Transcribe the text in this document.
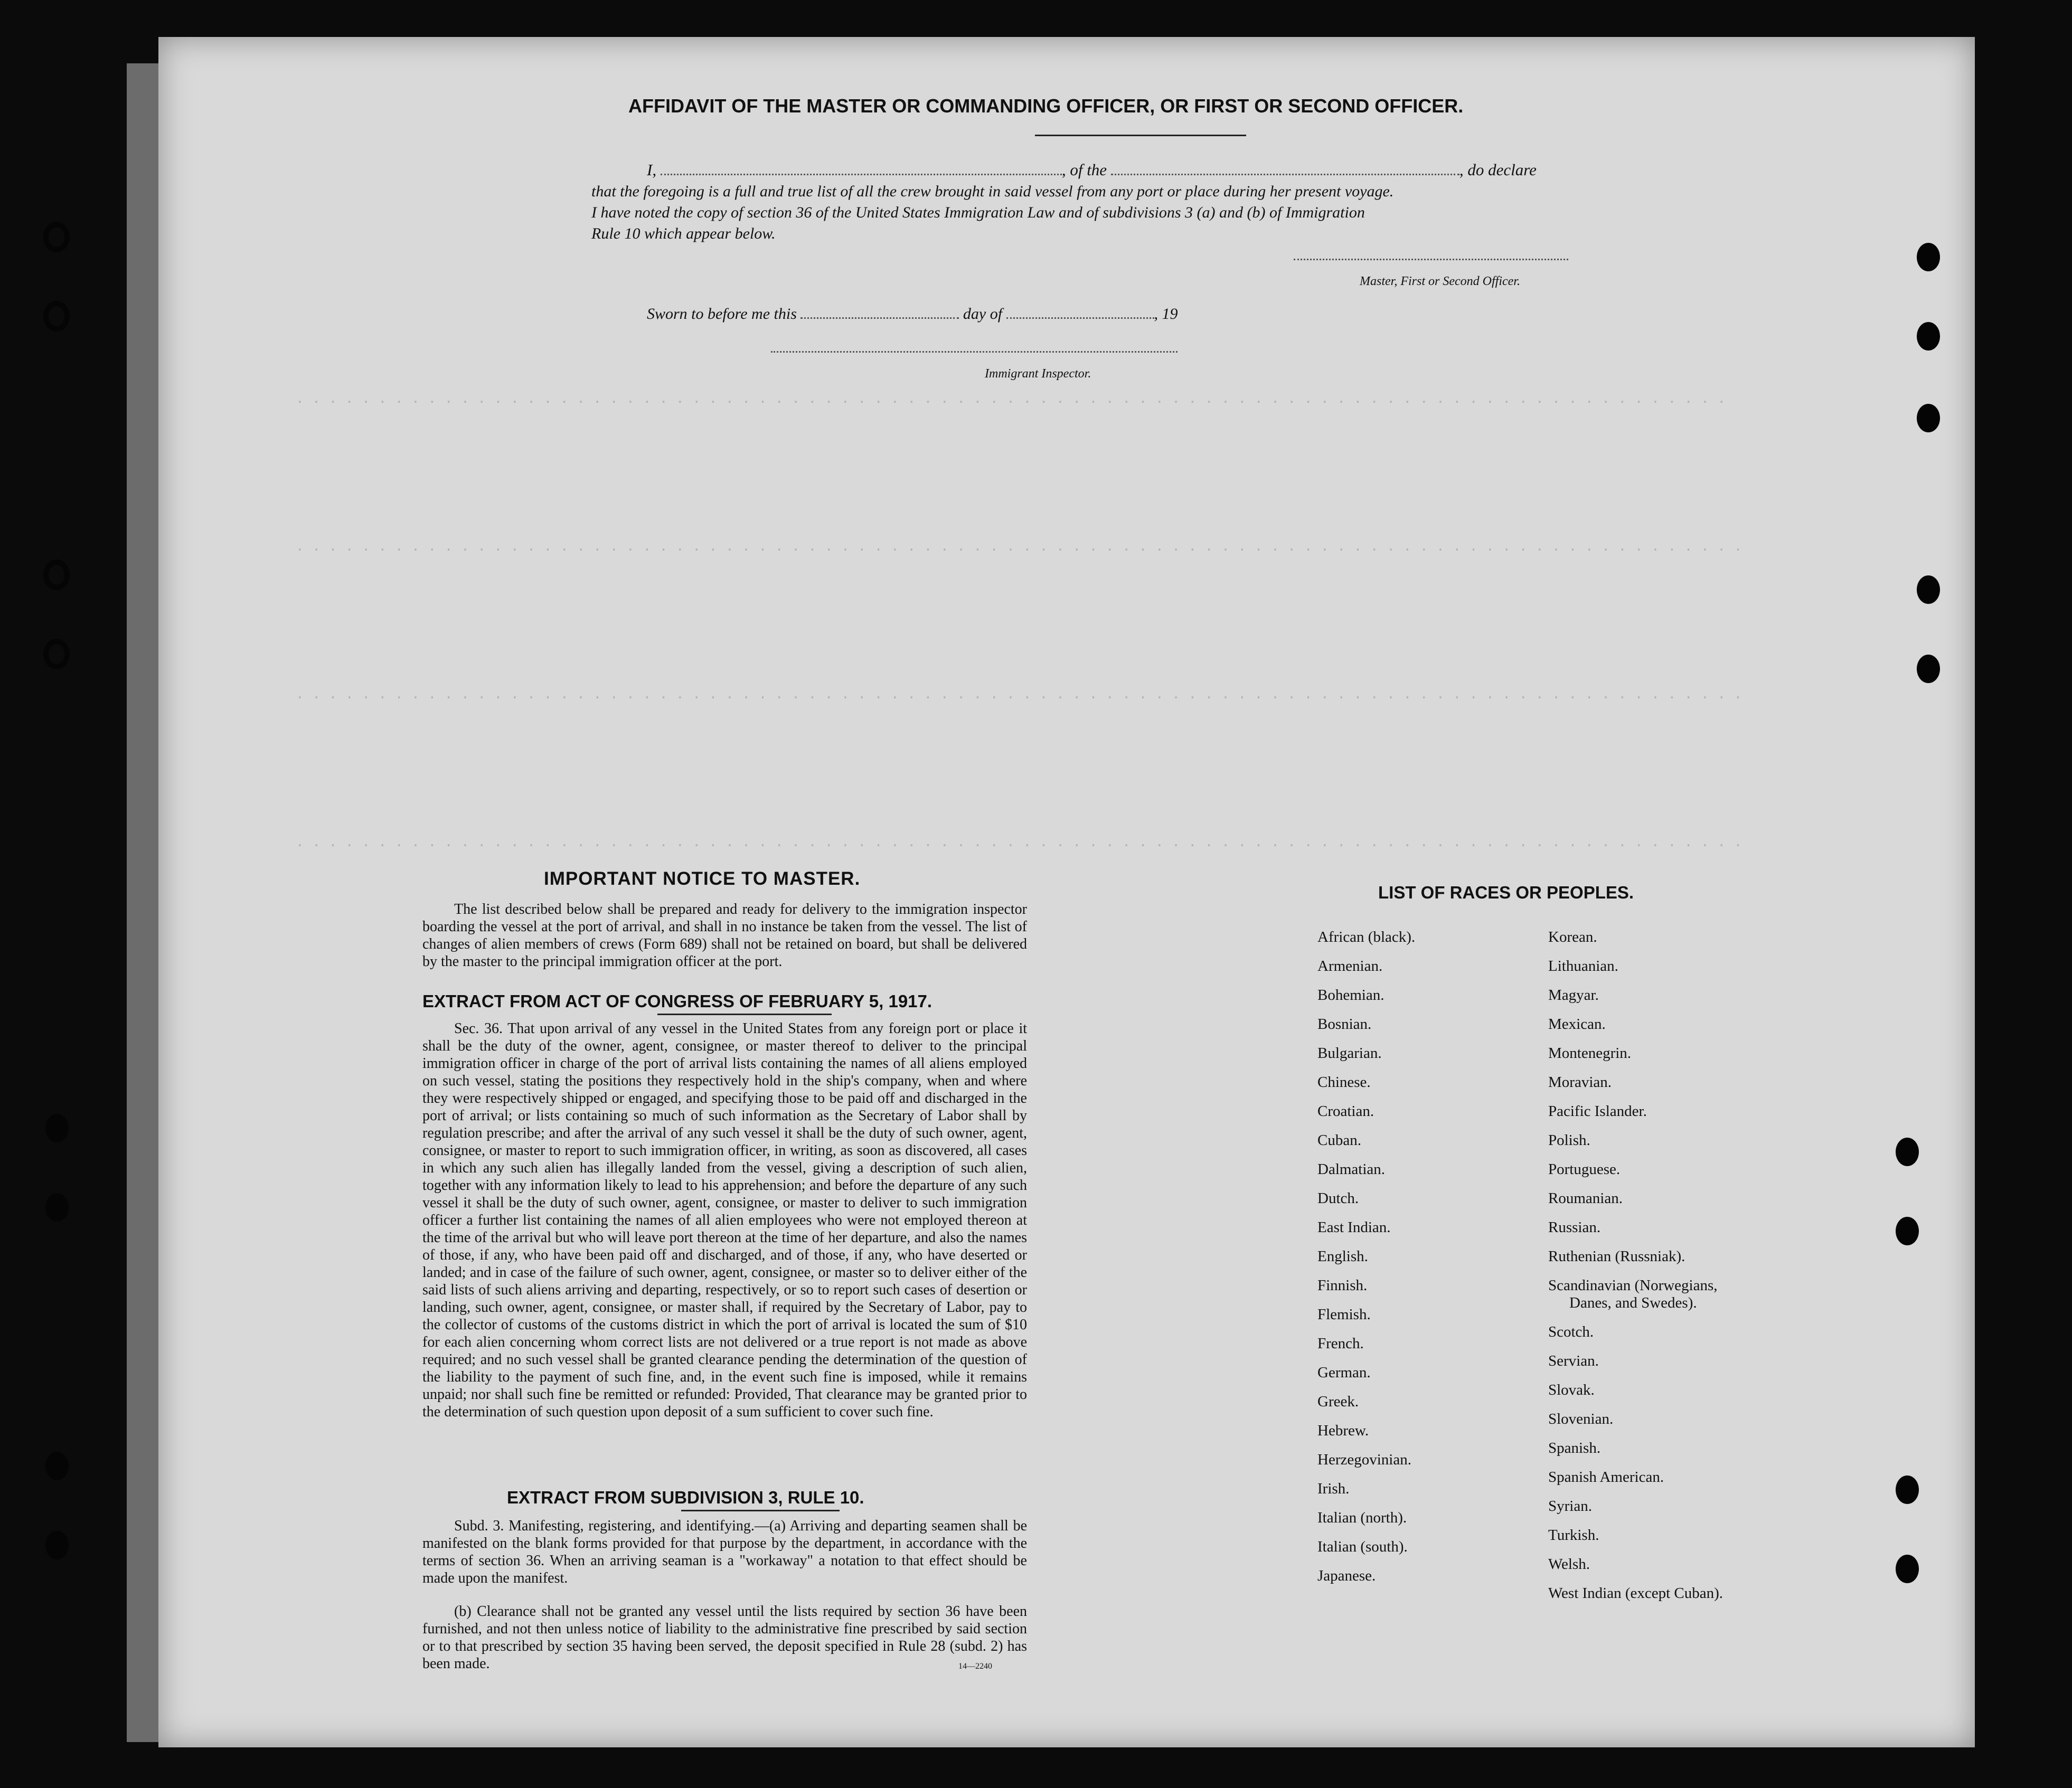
. . . . . . . . . . . . . . . . . . . . . . . . . . . . . . . . . . . . . . . . . . . . . . . . . . . . . . . . . . . . . . . . . . . . . . . . . . . . . . . . . . . . . . .
. . . . . . . . . . . . . . . . . . . . . . . . . . . . . . . . . . . . . . . . . . . . . . . . . . . . . . . . . . . . . . . . . . . . . . . . . . . . . . . . . . . . . . . .
. . . . . . . . . . . . . . . . . . . . . . . . . . . . . . . . . . . . . . . . . . . . . . . . . . . . . . . . . . . . . . . . . . . . . . . . . . . . . . . . . . . . . . . .
. . . . . . . . . . . . . . . . . . . . . . . . . . . . . . . . . . . . . . . . . . . . . . . . . . . . . . . . . . . . . . . . . . . . . . . . . . . . . . . . . . . . . . . .
AFFIDAVIT OF THE MASTER OR COMMANDING OFFICER, OR FIRST OR SECOND OFFICER.
I,	, of the	, do declare
that the foregoing is a full and true list of all the crew brought in said vessel from any port or place during her present voyage.
I have noted the copy of section 36 of the United States Immigration Law and of subdivisions 3 (a) and (b) of Immigration
Rule 10 which appear below.
Master, First or Second Officer.
Sworn to before me this	day of	, 19
Immigrant Inspector.
IMPORTANT NOTICE TO MASTER.
The list described below shall be prepared and ready for delivery to the immigration inspector boarding the vessel at the port of arrival, and shall in no instance be taken from the vessel. The list of changes of alien members of crews (Form 689) shall not be retained on board, but shall be delivered by the master to the principal immigration officer at the port.
EXTRACT FROM ACT OF CONGRESS OF FEBRUARY 5, 1917.
Sec. 36. That upon arrival of any vessel in the United States from any foreign port or place it shall be the duty of the owner, agent, consignee, or master thereof to deliver to the principal immigration officer in charge of the port of arrival lists containing the names of all aliens employed on such vessel, stating the positions they respectively hold in the ship's company, when and where they were respectively shipped or engaged, and specifying those to be paid off and discharged in the port of arrival; or lists containing so much of such information as the Secretary of Labor shall by regulation prescribe; and after the arrival of any such vessel it shall be the duty of such owner, agent, consignee, or master to report to such immigration officer, in writing, as soon as discovered, all cases in which any such alien has illegally landed from the vessel, giving a description of such alien, together with any information likely to lead to his apprehension; and before the departure of any such vessel it shall be the duty of such owner, agent, consignee, or master to deliver to such immigration officer a further list containing the names of all alien employees who were not employed thereon at the time of the arrival but who will leave port thereon at the time of her departure, and also the names of those, if any, who have been paid off and discharged, and of those, if any, who have deserted or landed; and in case of the failure of such owner, agent, consignee, or master so to deliver either of the said lists of such aliens arriving and departing, respectively, or so to report such cases of desertion or landing, such owner, agent, consignee, or master shall, if required by the Secretary of Labor, pay to the collector of customs of the customs district in which the port of arrival is located the sum of $10 for each alien concerning whom correct lists are not delivered or a true report is not made as above required; and no such vessel shall be granted clearance pending the determination of the question of the liability to the payment of such fine, and, in the event such fine is imposed, while it remains unpaid; nor shall such fine be remitted or refunded: Provided, That clearance may be granted prior to the determination of such question upon deposit of a sum sufficient to cover such fine.
EXTRACT FROM SUBDIVISION 3, RULE 10.
Subd. 3. Manifesting, registering, and identifying.—(a) Arriving and departing seamen shall be manifested on the blank forms provided for that purpose by the department, in accordance with the terms of section 36. When an arriving seaman is a "workaway" a notation to that effect should be made upon the manifest.
(b) Clearance shall not be granted any vessel until the lists required by section 36 have been furnished, and not then unless notice of liability to the administrative fine prescribed by said section or to that prescribed by section 35 having been served, the deposit specified in Rule 28 (subd. 2) has been made.	14—2240
LIST OF RACES OR PEOPLES.
African (black).
Armenian.
Bohemian.
Bosnian.
Bulgarian.
Chinese.
Croatian.
Cuban.
Dalmatian.
Dutch.
East Indian.
English.
Finnish.
Flemish.
French.
German.
Greek.
Hebrew.
Herzegovinian.
Irish.
Italian (north).
Italian (south).
Japanese.
Korean.
Lithuanian.
Magyar.
Mexican.
Montenegrin.
Moravian.
Pacific Islander.
Polish.
Portuguese.
Roumanian.
Russian.
Ruthenian (Russniak).
Scandinavian (Norwegians,
Danes, and Swedes).
Scotch.
Servian.
Slovak.
Slovenian.
Spanish.
Spanish American.
Syrian.
Turkish.
Welsh.
West Indian (except Cuban).
